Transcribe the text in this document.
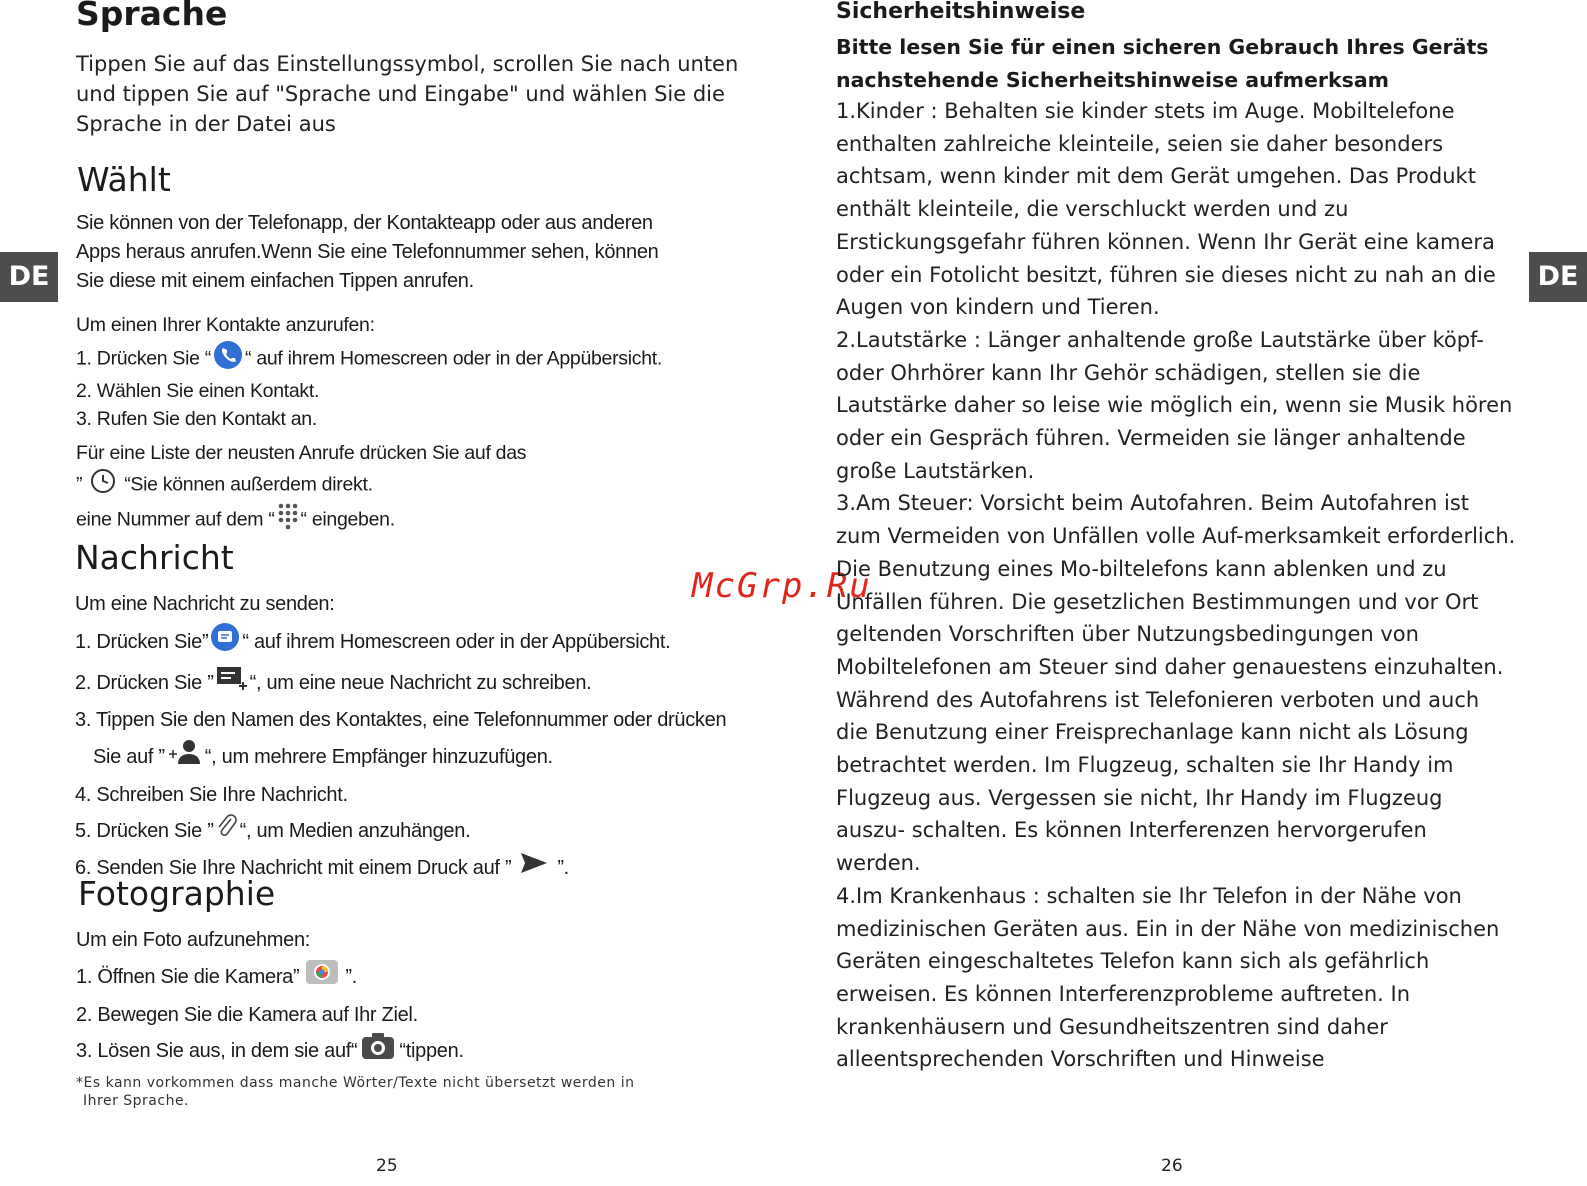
DE	DE
Sprache
Tippen Sie auf das Einstellungssymbol, scrollen Sie nach unten und tippen Sie auf "Sprache und Eingabe" und wählen Sie die Sprache in der Datei aus
Wählt
Sie können von der Telefonapp, der Kontakteapp oder aus anderen
Apps heraus anrufen.Wenn Sie eine Telefonnummer sehen, können
Sie diese mit einem einfachen Tippen anrufen.
Um einen Ihrer Kontakte anzurufen:
1. Drücken Sie “ “ auf ihrem Homescreen oder in der Appübersicht.
2. Wählen Sie einen Kontakt.
3. Rufen Sie den Kontakt an.
Für eine Liste der neusten Anrufe drücken Sie auf das
” “Sie können außerdem direkt.
eine Nummer auf dem “ “ eingeben.
Nachricht
Um eine Nachricht zu senden:
1. Drücken Sie” “ auf ihrem Homescreen oder in der Appübersicht.
2. Drücken Sie ” “, um eine neue Nachricht zu schreiben.
3. Tippen Sie den Namen des Kontaktes, eine Telefonnummer oder drücken
Sie auf ” “, um mehrere Empfänger hinzuzufügen.
4. Schreiben Sie Ihre Nachricht.
5. Drücken Sie ” “, um Medien anzuhängen.
6. Senden Sie Ihre Nachricht mit einem Druck auf ” ”.
Fotographie
Um ein Foto aufzunehmen:
1. Öffnen Sie die Kamera” ”.
2. Bewegen Sie die Kamera auf Ihr Ziel.
3. Lösen Sie aus, in dem sie auf“ “tippen.
*Es kann vorkommen dass manche Wörter/Texte nicht übersetzt werden in
Ihrer Sprache.
25
McGrp.Ru
Sicherheitshinweise
Bitte lesen Sie für einen sicheren Gebrauch Ihres Geräts nachstehende Sicherheitshinweise aufmerksam
1.Kinder : Behalten sie kinder stets im Auge. Mobiltelefone enthalten zahlreiche kleinteile, seien sie daher besonders achtsam, wenn kinder mit dem Gerät umgehen. Das Produkt enthält kleinteile, die verschluckt werden und zu Erstickungsgefahr führen können. Wenn Ihr Gerät eine kamera oder ein Fotolicht besitzt, führen sie dieses nicht zu nah an die Augen von kindern und Tieren.
2.Lautstärke : Länger anhaltende große Lautstärke über köpf-oder Ohrhörer kann Ihr Gehör schädigen, stellen sie die Lautstärke daher so leise wie möglich ein, wenn sie Musik hören oder ein Gespräch führen. Vermeiden sie länger anhaltende große Lautstärken.
3.Am Steuer: Vorsicht beim Autofahren. Beim Autofahren ist zum Vermeiden von Unfällen volle Auf-merksamkeit erforderlich. Die Benutzung eines Mo-biltelefons kann ablenken und zu Unfällen führen. Die gesetzlichen Bestimmungen und vor Ort geltenden Vorschriften über Nutzungsbedingungen von Mobiltelefonen am Steuer sind daher genauestens einzuhalten. Während des Autofahrens ist Telefonieren verboten und auch die Benutzung einer Freisprechanlage kann nicht als Lösung betrachtet werden. Im Flugzeug, schalten sie Ihr Handy im Flugzeug aus. Vergessen sie nicht, Ihr Handy im Flugzeug auszu- schalten. Es können Interferenzen hervorgerufen werden.
4.Im Krankenhaus : schalten sie Ihr Telefon in der Nähe von medizinischen Geräten aus. Ein in der Nähe von medizinischen Geräten eingeschaltetes Telefon kann sich als gefährlich erweisen. Es können Interferenzprobleme auftreten. In krankenhäusern und Gesundheitszentren sind daher alleentsprechenden Vorschriften und Hinweise
26
